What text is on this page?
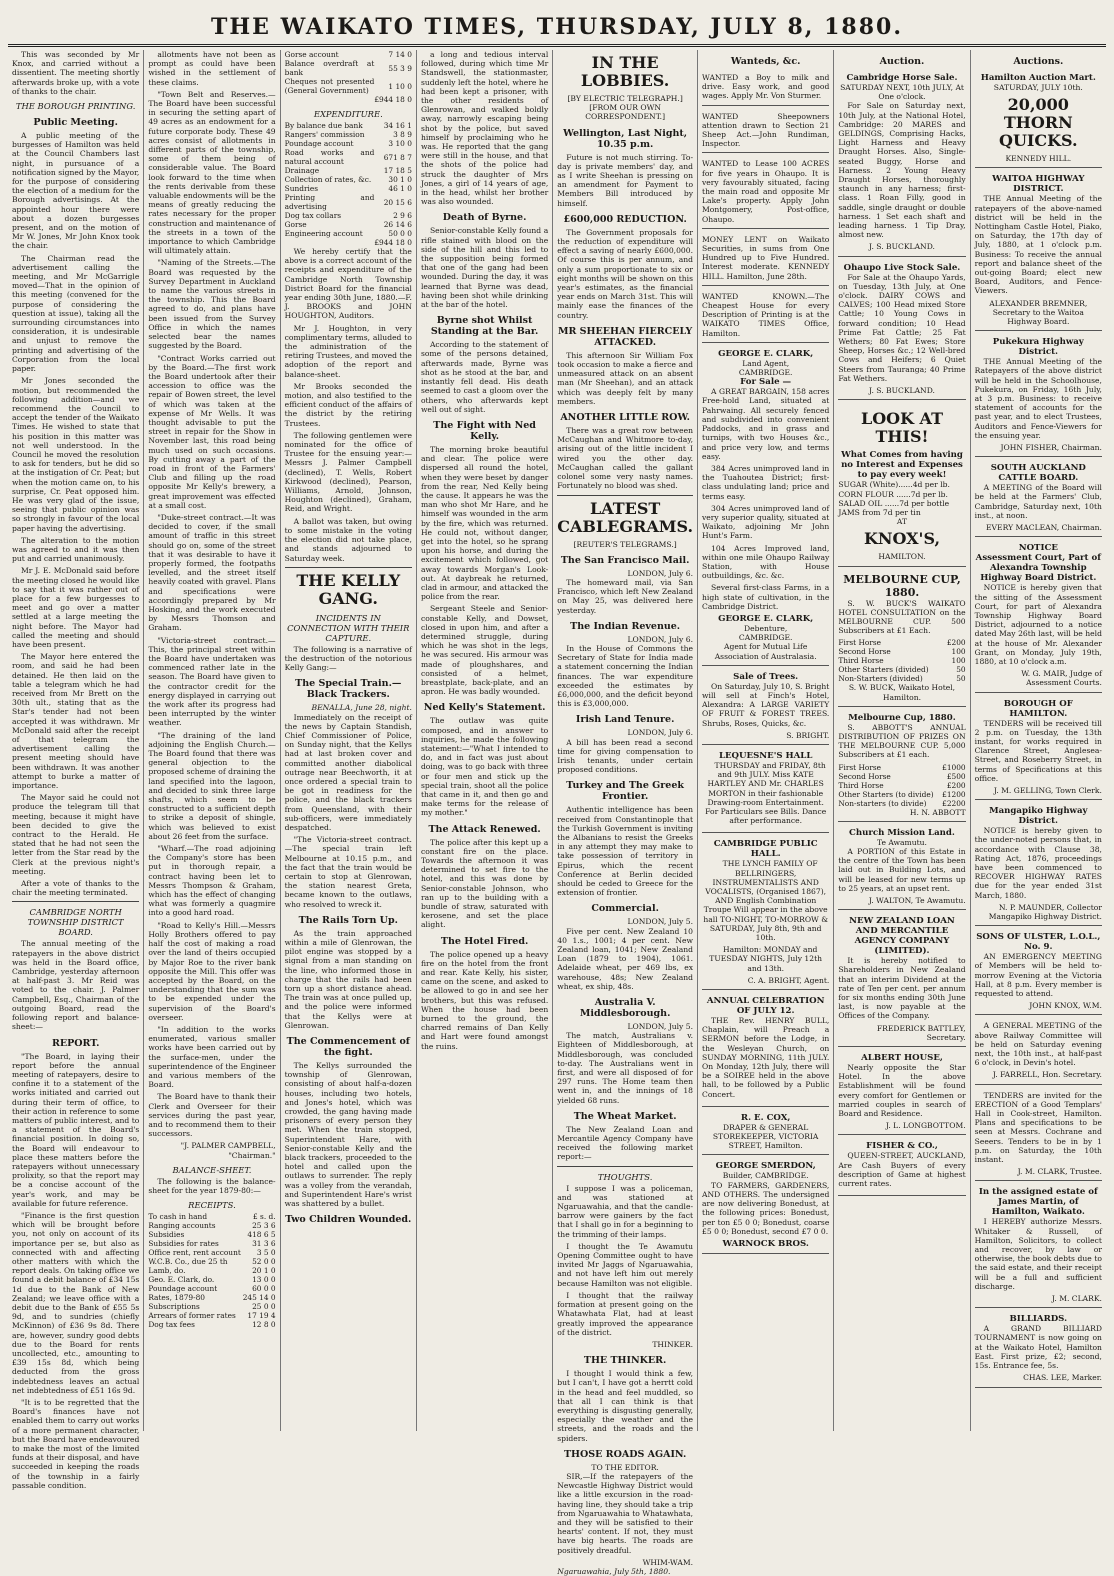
THE WAIKATO TIMES, THURSDAY, JULY 8, 1880.

This was seconded by Mr Knox, and carried without a dissentient. The meeting shortly afterwards broke up, with a vote of thanks to the chair.

THE BOROUGH PRINTING.
Public Meeting.

A public meeting of the burgesses of Hamilton was held at the Council Chambers last night, in pursuance of a notification signed by the Mayor, for the purpose of considering the election of a medium for the Borough advertisings. At the appointed hour there were about a dozen burgesses present, and on the motion of Mr W. Jones, Mr John Knox took the chair.

The Chairman read the advertisement calling the meeting, and Mr McGarrigle moved—That in the opinion of this meeting (convened for the purpose of considering the question at issue), taking all the surrounding circumstances into consideration, it is undesirable and unjust to remove the printing and advertising of the Corporation from the local paper.

Mr Jones seconded the motion, but recommended the following addition—and we recommend the Council to accept the tender of the Waikato Times. He wished to state that his position in this matter was not well understood. In the Council he moved the resolution to ask for tenders, but he did so at the instigation of Cr. Peat; but when the motion came on, to his surprise, Cr. Peat opposed him. He was very glad of the issue, seeing that public opinion was so strongly in favour of the local paper having the advertising.

The alteration to the motion was agreed to and it was then put and carried unanimously.

Mr J. E. McDonald said before the meeting closed he would like to say that it was rather out of place for a few burgesses to meet and go over a matter settled at a large meeting the night before. The Mayor had called the meeting and should have been present.

The Mayor here entered the room, and said he had been detained. He then laid on the table a telegram which he had received from Mr Brett on the 30th ult., stating that as the Star's tender had not been accepted it was withdrawn. Mr McDonald said after the receipt of that telegram the advertisement calling the present meeting should have been withdrawn. It was another attempt to burke a matter of importance.

The Mayor said he could not produce the telegram till that meeting, because it might have been decided to give the contract to the Herald. He stated that he had not seen the letter from the Star read by the Clerk at the previous night's meeting.

After a vote of thanks to the chair the meeting terminated.

CAMBRIDGE NORTH TOWNSHIP DISTRICT BOARD.

The annual meeting of the ratepayers in the above district was held in the Board office, Cambridge, yesterday afternoon at half-past 3. Mr Reid was voted to the chair. J. Palmer Campbell, Esq., Chairman of the outgoing Board, read the following report and balance-sheet:—

REPORT.

"The Board, in laying their report before the annual meeting of ratepayers, desire to confine it to a statement of the works initiated and carried out during their term of office, to their action in reference to some matters of public interest, and to a statement of the Board's financial position. In doing so, the Board will endeavour to place these matters before the ratepayers without unnecessary prolixity, so that the report may be a concise account of the year's work, and may be available for future reference.

"Finance is the first question which will be brought before you, not only on account of its importance per se, but also as connected with and affecting other matters with which the report deals. On taking office we found a debit balance of £34 15s 1d due to the Bank of New Zealand; we leave office with a debit due to the Bank of £55 5s 9d, and to sundries (chiefly McKinnon) of £36 9s 8d. There are, however, sundry good debts due to the Board for rents uncollected, etc., amounting to £39 15s 8d, which being deducted from the gross indebtedness leaves an actual net indebtedness of £51 16s 9d.

"It is to be regretted that the Board's finances have not enabled them to carry out works of a more permanent character, but the Board have endeavoured to make the most of the limited funds at their disposal, and have succeeded in keeping the roads of the township in a fairly passable condition.

allotments have not been as prompt as could have been wished in the settlement of these claims.

"Town Belt and Reserves.—The Board have been successful in securing the setting apart of 49 acres as an endowment for a future corporate body. These 49 acres consist of allotments in different parts of the township, some of them being of considerable value. The Board look forward to the time when the rents derivable from these valuable endowments will be the means of greatly reducing the rates necessary for the proper construction and maintenance of the streets in a town of the importance to which Cambridge will ultimately attain.

"Naming of the Streets.—The Board was requested by the Survey Department in Auckland to name the various streets in the township. This the Board agreed to do, and plans have been issued from the Survey Office in which the names selected bear the names suggested by the Board.

"Contract Works carried out by the Board.—The first work the Board undertook after their accession to office was the repair of Bowen street, the level of which was taken at the expense of Mr Wells. It was thought advisable to put the street in repair for the Show in November last, this road being much used on such occasions. By cutting away a part of the road in front of the Farmers' Club and filling up the road opposite Mr Kelly's brewery, a great improvement was effected at a small cost.

"Duke-street contract.—It was decided to cover, if the small amount of traffic in this street should go on, some of the street that it was desirable to have it properly formed, the footpaths levelled, and the street itself heavily coated with gravel. Plans and specifications were accordingly prepared by Mr Hosking, and the work executed by Messrs Thomson and Graham.

"Victoria-street contract.—This, the principal street within the Board have undertaken was commenced rather late in the season. The Board have given to the contractor credit for the energy displayed in carrying out the work after its progress had been interrupted by the winter weather.

"The draining of the land adjoining the English Church.—The Board found that there was general objection to the proposed scheme of draining the land specified into the lagoon, and decided to sink three large shafts, which seem to be constructed to a sufficient depth to strike a deposit of shingle, which was believed to exist about 26 feet from the surface.

"Wharf.—The road adjoining the Company's store has been put in thorough repair, a contract having been let to Messrs Thompson & Graham, which has the effect of changing what was formerly a quagmire into a good hard road.

"Road to Kelly's Hill.—Messrs Holly Brothers offered to pay half the cost of making a road over the land of theirs occupied by Major Roe to the river bank opposite the Mill. This offer was accepted by the Board, on the understanding that the sum was to be expended under the supervision of the Board's overseer.

"In addition to the works enumerated, various smaller works have been carried out by the surface-men, under the superintendence of the Engineer and various members of the Board.

The Board have to thank their Clerk and Overseer for their services during the past year, and to recommend them to their successors.

"J. PALMER CAMPBELL,
"Chairman."
BALANCE-SHEET.

The following is the balance-sheet for the year 1879-80:—

RECEIPTS.
To cash in hand	£ s. d.
Ranging accounts	25 3 6
Subsidies	418 6 5
Subsidies for rates	31 3 6
Office rent, rent account	3 5 0
W.C.B. Co., due 25 th	52 0 0
Lamb, do.	20 1 0
Geo. E. Clark, do.	13 0 0
Poundage account	60 0 0
Rates, 1879-80	245 14 0
Subscriptions	25 0 0
Arrears of former rates	17 19 4
Dog tax fees	12 8 0
Gorse account	7 14 0
Balance overdraft at bank	55 3 9
Cheques not presented (General Government)	1 10 0
	£944 18 0
EXPENDITURE.
By balance due bank	34 16 1
Rangers' commission	3 8 9
Poundage account	3 10 0
Road works and natural account	671 8 7
Drainage	17 18 5
Collection of rates, &c.	30 1 0
Sundries	46 1 0
Printing and advertising	20 15 6
Dog tax collars	2 9 6
Gorse	26 14 6
Engineering account	50 0 0
	£944 18 0

We hereby certify that the above is a correct account of the receipts and expenditure of the Cambridge North Township District Board for the financial year ending 30th June, 1880.—F. J. BROOKS and JOHN HOUGHTON, Auditors.

Mr J. Houghton, in very complimentary terms, alluded to the administration of the retiring Trustees, and moved the adoption of the report and balance-sheet.

Mr Brooks seconded the motion, and also testified to the efficient conduct of the affairs of the district by the retiring Trustees.

The following gentlemen were nominated for the office of Trustee for the ensuing year:—Messrs J. Palmer Campbell (declined), T. Wells, Robert Kirkwood (declined), Pearson, Williams, Arnold, Johnson, Houghton (declined), Graham, Reid, and Wright.

A ballot was taken, but owing to some mistake in the voting the election did not take place, and stands adjourned to Saturday week.

THE KELLY GANG.
INCIDENTS IN CONNECTION WITH THEIR CAPTURE.

The following is a narrative of the destruction of the notorious Kelly Gang:—

The Special Train.—Black Trackers.
BENALLA, June 28, night.

Immediately on the receipt of the news by Captain Standish, Chief Commissioner of Police, on Sunday night, that the Kellys had at last broken cover and committed another diabolical outrage near Beechworth, it at once ordered a special train to be got in readiness for the police, and the black trackers from Queensland, with their sub-officers, were immediately despatched.

"The Victoria-street contract.—The special train left Melbourne at 10.15 p.m., and the fact that the train would be certain to stop at Glenrowan, the station nearest Greta, became known to the outlaws, who resolved to wreck it.

The Rails Torn Up.

As the train approached within a mile of Glenrowan, the pilot engine was stopped by a signal from a man standing on the line, who informed those in charge that the rails had been torn up a short distance ahead. The train was at once pulled up, and the police were informed that the Kellys were at Glenrowan.

The Commencement of the fight.

The Kellys surrounded the township of Glenrowan, consisting of about half-a-dozen houses, including two hotels, and Jones's hotel, which was crowded, the gang having made prisoners of every person they met. When the train stopped, Superintendent Hare, with Senior-constable Kelly and the black trackers, proceeded to the hotel and called upon the outlaws to surrender. The reply was a volley from the verandah, and Superintendent Hare's wrist was shattered by a bullet.

Two Children Wounded.

a long and tedious interval followed, during which time Mr Standswell, the stationmaster, suddenly left the hotel, where he had been kept a prisoner, with the other residents of Glenrowan, and walked boldly away, narrowly escaping being shot by the police, but saved himself by proclaiming who he was. He reported that the gang were still in the house, and that the shots of the police had struck the daughter of Mrs Jones, a girl of 14 years of age, in the head, whilst her brother was also wounded.

Death of Byrne.

Senior-constable Kelly found a rifle stained with blood on the side of the hill and this led to the supposition being formed that one of the gang had been wounded. During the day, it was learned that Byrne was dead, having been shot while drinking at the bar of the hotel.

Byrne shot Whilst Standing at the Bar.

According to the statement of some of the persons detained, afterwards made, Byrne was shot as he stood at the bar, and instantly fell dead. His death seemed to cast a gloom over the others, who afterwards kept well out of sight.

The Fight with Ned Kelly.

The morning broke beautiful and clear. The police were dispersed all round the hotel, when they were beset by danger from the rear, Ned Kelly being the cause. It appears he was the man who shot Mr Hare, and he himself was wounded in the arm by the fire, which was returned. He could not, without danger, get into the hotel, so he sprang upon his horse, and during the excitement which followed, got away towards Morgan's Look-out. At daybreak he returned, clad in armour, and attacked the police from the rear.

Sergeant Steele and Senior-constable Kelly, and Dowset, closed in upon him, and after a determined struggle, during which he was shot in the legs, he was secured. His armour was made of ploughshares, and consisted of a helmet, breastplate, back-plate, and an apron. He was badly wounded.

Ned Kelly's Statement.

The outlaw was quite composed, and in answer to inquiries, he made the following statement:—"What I intended to do, and in fact was just about doing, was to go back with three or four men and stick up the special train, shoot all the police that came in it, and then go and make terms for the release of my mother."

The Attack Renewed.

The police after this kept up a constant fire on the place. Towards the afternoon it was determined to set fire to the hotel, and this was done by Senior-constable Johnson, who ran up to the building with a bundle of straw, saturated with kerosene, and set the place alight.

The Hotel Fired.

The police opened up a heavy fire on the hotel from the front and rear. Kate Kelly, his sister, came on the scene, and asked to be allowed to go in and see her brothers, but this was refused. When the house had been burned to the ground, the charred remains of Dan Kelly and Hart were found amongst the ruins.

IN THE LOBBIES.
[BY ELECTRIC TELEGRAPH.]
[FROM OUR OWN CORRESPONDENT.]
Wellington, Last Night, 10.35 p.m.

Future is not much stirring. To-day is private members' day, and as I write Sheehan is pressing on an amendment for Payment to Members Bill introduced by himself.

£600,000 REDUCTION.

The Government proposals for the reduction of expenditure will effect a saving of nearly £600,000. Of course this is per annum, and only a sum proportionate to six or eight months will be shown on this year's estimates, as the financial year ends on March 31st. This will mainly ease the finances of the country.

MR SHEEHAN FIERCELY ATTACKED.

This afternoon Sir William Fox took occasion to make a fierce and unmeasured attack on an absent man (Mr Sheehan), and an attack which was deeply felt by many members.

ANOTHER LITTLE ROW.

There was a great row between McCaughan and Whitmore to-day, arising out of the little incident I wired you the other day. McCaughan called the gallant colonel some very nasty names. Fortunately no blood was shed.

LATEST CABLEGRAMS.
[REUTER'S TELEGRAMS.]
The San Francisco Mail.
LONDON, July 6.

The homeward mail, via San Francisco, which left New Zealand on May 25, was delivered here yesterday.

The Indian Revenue.
LONDON, July 6.

In the House of Commons the Secretary of State for India made a statement concerning the Indian finances. The war expenditure exceeded the estimates by £6,000,000, and the deficit beyond this is £3,000,000.

Irish Land Tenure.
LONDON, July 6.

A bill has been read a second time for giving compensation to Irish tenants, under certain proposed conditions.

Turkey and The Greek Frontier.

Authentic intelligence has been received from Constantinople that the Turkish Government is inviting the Albanians to resist the Greeks in any attempt they may make to take possession of territory in Epirus, which the recent Conference at Berlin decided should be ceded to Greece for the extension of frontier.

Commercial.
LONDON, July 5.

Five per cent. New Zealand 10 40 1.s., 1001; 4 per cent. New Zealand loan, 1041; New Zealand Loan (1879 to 1904), 1061. Adelaide wheat, per 469 lbs, ex warehouse, 48s; New Zealand wheat, ex ship, 48s.

Australia V. Middlesborough.
LONDON, July 5.

The match, Australians v. Eighteen of Middlesborough, at Middlesborough, was concluded to-day. The Australians went in first, and were all disposed of for 297 runs. The Home team then went in, and the innings of 18 yielded 68 runs.

The Wheat Market.

The New Zealand Loan and Mercantile Agency Company have received the following market report:—

THOUGHTS.

I suppose I was a policeman, and was stationed at Ngaruawahia, and that the candle-barrow were gainers by the fact that I shall go in for a beginning to the trimming of their lamps.

I thought the Te Awamutu Opening Committee ought to have invited Mr Jaggs of Ngaruawahia, and not have left him out merely because Hamilton was not eligible.

I thought that the railway formation at present going on the Whatawhata Flat, had at least greatly improved the appearance of the district.

THINKER.
THE THINKER.

I thought I would think a few, but I can't, I have got a herrtt cold in the head and feel muddled, so that all I can think is that everything is disgusting generally, especially the weather and the streets, and the roads and the spiders.

THOSE ROADS AGAIN.
TO THE EDITOR.

SIR,—If the ratepayers of the Newcastle Highway District would like a little excursion in the road-having line, they should take a trip from Ngaruawahia to Whatawhata, and they will be satisfied to their hearts' content. If not, they must have big hearts. The roads are positively dreadful.

WHIM-WAM.
Ngaruawahia, July 5th, 1880.
Wanteds, &c.
WANTED a Boy to milk and drive. Easy work, and good wages. Apply Mr. Von Sturmer.
WANTED Sheepowners attention drawn to Section 21 Sheep Act.—John Rundiman, Inspector.
WANTED to Lease 100 ACRES for five years in Ohaupo. It is very favourably situated, facing the main road and opposite Mr Lake's property. Apply John Montgomery, Post-office, Ohaupo.
MONEY LENT on Waikato Securities, in sums from One Hundred up to Five Hundred. Interest moderate. KENNEDY HILL. Hamilton, June 28th.
WANTED KNOWN.—The Cheapest House for every Description of Printing is at the WAIKATO TIMES Office, Hamilton.
GEORGE E. CLARK,
Land Agent,
CAMBRIDGE.
For Sale —

A GREAT BARGAIN, 158 acres Free-hold Land, situated at Pahrwaing. All securely fenced and subdivided into convenient Paddocks, and in grass and turnips, with two Houses &c., and price very low, and terms easy.

384 Acres unimproved land in the Tuahoutea District; first-class undulating land; price and terms easy.

304 Acres unimproved land of very superior quality, situated at Waikato, adjoining Mr John Hunt's Farm.

104 Acres Improved land, within one mile Ohaupo Railway Station, with House outbuildings, &c. &c.

Several first-class Farms, in a high state of cultivation, in the Cambridge District.

GEORGE E. CLARK,
Debenture,
CAMBRIDGE.
Agent for Mutual Life Association of Australasia.
Sale of Trees.

On Saturday, July 10, S. Bright will sell at Finch's Hotel, Alexandra: A LARGE VARIETY OF FRUIT & FOREST TREES. Shrubs, Roses, Quicks, &c.

S. BRIGHT.
LEQUESNE'S HALL

THURSDAY and FRIDAY, 8th and 9th JULY. Miss KATE HARTLEY AND Mr. CHARLES MORTON in their fashionable Drawing-room Entertainment. For Particulars see Bills. Dance after performance.

CAMBRIDGE PUBLIC HALL.

THE LYNCH FAMILY OF BELLRINGERS, INSTRUMENTALISTS AND VOCALISTS, (Organised 1867), AND English Combination Troupe Will appear in the above hall TO-NIGHT, TO-MORROW & SATURDAY, July 8th, 9th and 10th.

Hamilton: MONDAY and TUESDAY NIGHTS, July 12th and 13th.

C. A. BRIGHT, Agent.
ANNUAL CELEBRATION OF JULY 12.

THE Rev. HENRY BULL, Chaplain, will Preach a SERMON before the Lodge, in the Wesleyan Church, on SUNDAY MORNING, 11th JULY. On Monday, 12th July, there will be a SOIREE held in the above hall, to be followed by a Public Concert.

R. E. COX,
DRAPER & GENERAL STOREKEEPER, VICTORIA STREET, Hamilton.
GEORGE SMERDON,
Builder, CAMBRIDGE.

TO FARMERS, GARDENERS, AND OTHERS. The undersigned are now delivering Bonedust, at the following prices: Bonedust, per ton £5 0 0; Bonedust, coarse £5 0 0; Bonedust, second £7 0 0.

WARNOCK BROS.
Auction.
Cambridge Horse Sale.
SATURDAY NEXT, 10th JULY, At One o'clock.

For Sale on Saturday next, 10th July, at the National Hotel, Cambridge: 20 MARES and GELDINGS, Comprising Hacks, Light Harness and Heavy Draught Horses. Also, Single-seated Buggy, Horse and Harness. 2 Young Heavy Draught Horses, thoroughly staunch in any harness; first-class. 1 Roan Filly, good in saddle, single draught or double harness. 1 Set each shaft and leading harness. 1 Tip Dray, almost new.

J. S. BUCKLAND.
Ohaupo Live Stock Sale.

For Sale at the Ohaupo Yards, on Tuesday, 13th July, at One o'clock. DAIRY COWS and CALVES; 100 Head mixed Store Cattle; 10 Young Cows in forward condition; 10 Head Prime Fat Cattle; 25 Fat Wethers; 80 Fat Ewes; Store Sheep, Horses &c.; 12 Well-bred Cows and Heifers; 6 Quiet Steers from Tauranga; 40 Prime Fat Wethers.

J. S. BUCKLAND.
LOOK AT THIS!
What Comes from having no Interest and Expenses to pay every week!
SUGAR (White)......4d per lb.
CORN FLOUR ......7d per lb.
SALAD OIL ......7d per bottle
JAMS from 7d per tin
AT
KNOX'S,
HAMILTON.
MELBOURNE CUP, 1880.

S. W. BUCK'S WAIKATO HOTEL CONSULTATION on the MELBOURNE CUP. 500 Subscribers at £1 Each.

First Horse	£200
Second Horse	100
Third Horse	100
Other Starters (divided)	50
Non-Starters (divided)	50
S. W. BUCK, Waikato Hotel, Hamilton.
Melbourne Cup, 1880.

S. ABBOTT'S ANNUAL DISTRIBUTION OF PRIZES ON THE MELBOURNE CUP. 5,000 Subscribers at £1 each.

First Horse	£1000
Second Horse	£500
Third Horse	£200
Other Starters (to divide)	£1200
Non-starters (to divide)	£2200
H. N. ABBOTT
Church Mission Land.
Te Awamutu.

A PORTION of this Estate in the centre of the Town has been laid out in Building Lots, and will be leased for new terms up to 25 years, at an upset rent.

J. WALTON, Te Awamutu.
NEW ZEALAND LOAN AND MERCANTILE AGENCY COMPANY (LIMITED).

It is hereby notified to Shareholders in New Zealand that an interim Dividend at the rate of Ten per cent. per annum for six months ending 30th June last, is now payable at the Offices of the Company.

FREDERICK BATTLEY, Secretary.
ALBERT HOUSE,

Nearly opposite the Star Hotel. In the above Establishment will be found every comfort for Gentlemen or married couples in search of Board and Residence.

J. L. LONGBOTTOM.
FISHER & CO.,

QUEEN-STREET, AUCKLAND, Are Cash Buyers of every description of Game at highest current rates.

Auctions.
Hamilton Auction Mart.
SATURDAY, JULY 10th.
20,000 THORN QUICKS.
KENNEDY HILL.
WAITOA HIGHWAY DISTRICT.

THE Annual Meeting of the ratepayers of the above-named district will be held in the Nottingham Castle Hotel, Piako, on Saturday, the 17th day of July, 1880, at 1 o'clock p.m. Business: To receive the annual report and balance sheet of the out-going Board; elect new Board, Auditors, and Fence-Viewers.

ALEXANDER BREMNER, Secretary to the Waitoa Highway Board.
Pukekura Highway District.

THE Annual Meeting of the Ratepayers of the above district will be held in the Schoolhouse, Pukekura, on Friday, 16th July, at 3 p.m. Business: to receive statement of accounts for the past year, and to elect Trustees, Auditors and Fence-Viewers for the ensuing year.

JOHN FISHER, Chairman.
SOUTH AUCKLAND CATTLE BOARD.

A MEETING of the Board will be held at the Farmers' Club, Cambridge, Saturday next, 10th inst., at noon.

EVERY MACLEAN, Chairman.
NOTICE
Assessment Court, Part of Alexandra Township Highway Board District.

NOTICE is hereby given that the sitting of the Assessment Court, for part of Alexandra Township Highway Board District, adjourned to a notice dated May 26th last, will be held at the house of Mr. Alexander Grant, on Monday, July 19th, 1880, at 10 o'clock a.m.

W. G. MAIR, Judge of Assessment Courts.
BOROUGH OF HAMILTON.

TENDERS will be received till 2 p.m. on Tuesday, the 13th instant, for works required in Clarence Street, Anglesea-Street, and Roseberry Street, in terms of Specifications at this office.

J. M. GELLING, Town Clerk.
Mangapiko Highway District.

NOTICE is hereby given to the under-noted persons that, in accordance with Clause 38, Rating Act, 1876, proceedings have been commenced to RECOVER HIGHWAY RATES due for the year ended 31st March, 1880.

N. P. MAUNDER, Collector Mangapiko Highway District.
SONS OF ULSTER, L.O.L., No. 9.

AN EMERGENCY MEETING of Members will be held to-morrow Evening at the Victoria Hall, at 8 p.m. Every member is requested to attend.

JOHN KNOX, W.M.

A GENERAL MEETING of the above Railway Committee will be held on Saturday evening next, the 10th inst., at half-past 6 o'clock, in Devin's hotel.

J. FARRELL, Hon. Secretary.

TENDERS are invited for the ERECTION of a Good Templars' Hall in Cook-street, Hamilton. Plans and specifications to be seen at Messrs. Cochrane and Seeers. Tenders to be in by 1 p.m. on Saturday, the 10th instant.

J. M. CLARK, Trustee.
In the assigned estate of James Martin, of Hamilton, Waikato.

I HEREBY authorize Messrs. Whitaker & Russell, of Hamilton, Solicitors, to collect and recover, by law or otherwise, the book debts due to the said estate, and their receipt will be a full and sufficient discharge.

J. M. CLARK.
BILLIARDS.

A GRAND BILLIARD TOURNAMENT is now going on at the Waikato Hotel, Hamilton East. First prize, £2; second, 15s. Entrance fee, 5s.

CHAS. LEE, Marker.
